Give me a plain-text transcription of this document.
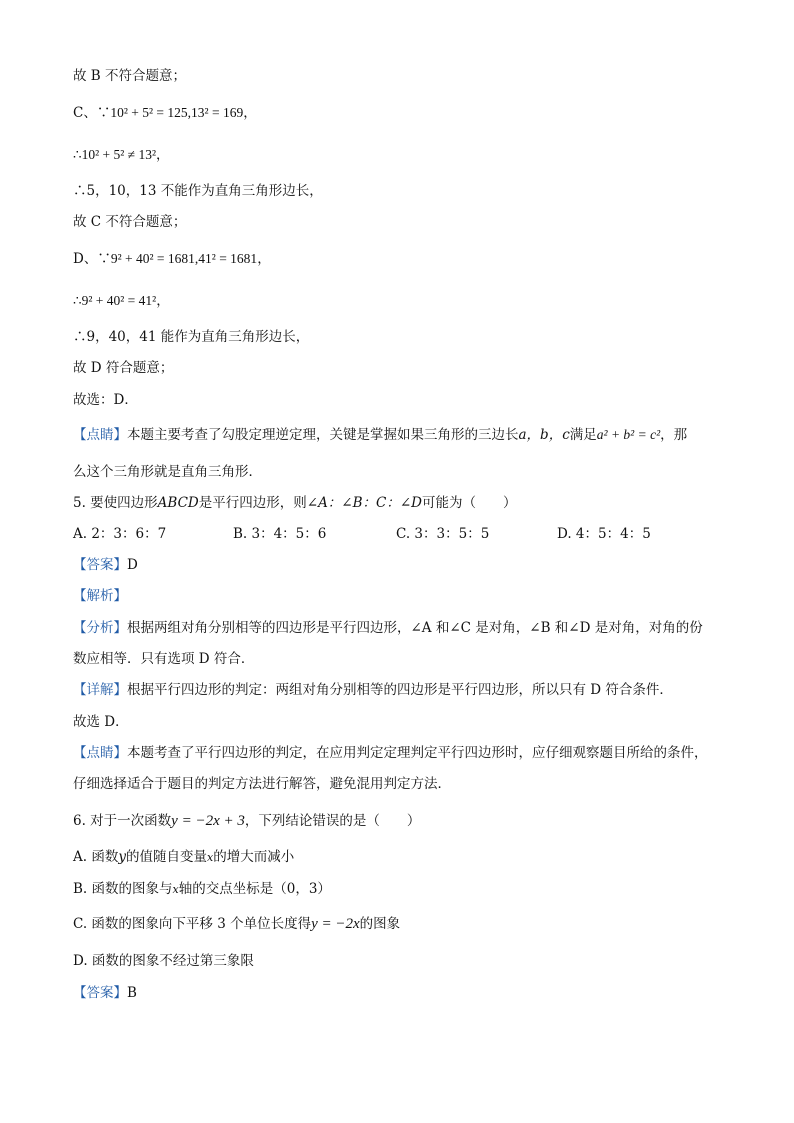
故 B 不符合题意；
C、∵10² + 5² = 125,13² = 169，
∴10² + 5² ≠ 13²，
∴5，10，13 不能作为直角三角形边长，
故 C 不符合题意；
D、∵9² + 40² = 1681,41² = 1681，
∴9² + 40² = 41²，
∴9，40，41 能作为直角三角形边长，
故 D 符合题意；
故选：D．
【点睛】本题主要考查了勾股定理逆定理，关键是掌握如果三角形的三边长a，b，c满足a² + b² = c²，那
么这个三角形就是直角三角形．
5. 要使四边形ABCD是平行四边形，则∠A：∠B：C：∠D可能为（　　）
A. 2：3：6：7	B. 3：4：5：6	C. 3：3：5：5	D. 4：5：4：5
【答案】D
【解析】
【分析】根据两组对角分别相等的四边形是平行四边形，∠A 和∠C 是对角，∠B 和∠D 是对角，对角的份
数应相等．只有选项 D 符合．
【详解】根据平行四边形的判定：两组对角分别相等的四边形是平行四边形，所以只有 D 符合条件．
故选 D．
【点睛】本题考查了平行四边形的判定，在应用判定定理判定平行四边形时，应仔细观察题目所给的条件，
仔细选择适合于题目的判定方法进行解答，避免混用判定方法．
6. 对于一次函数y = −2x + 3，下列结论错误的是（　　）
A. 函数y的值随自变量x的增大而减小
B. 函数的图象与x轴的交点坐标是（0，3）
C. 函数的图象向下平移 3 个单位长度得y = −2x的图象
D. 函数的图象不经过第三象限
【答案】B
